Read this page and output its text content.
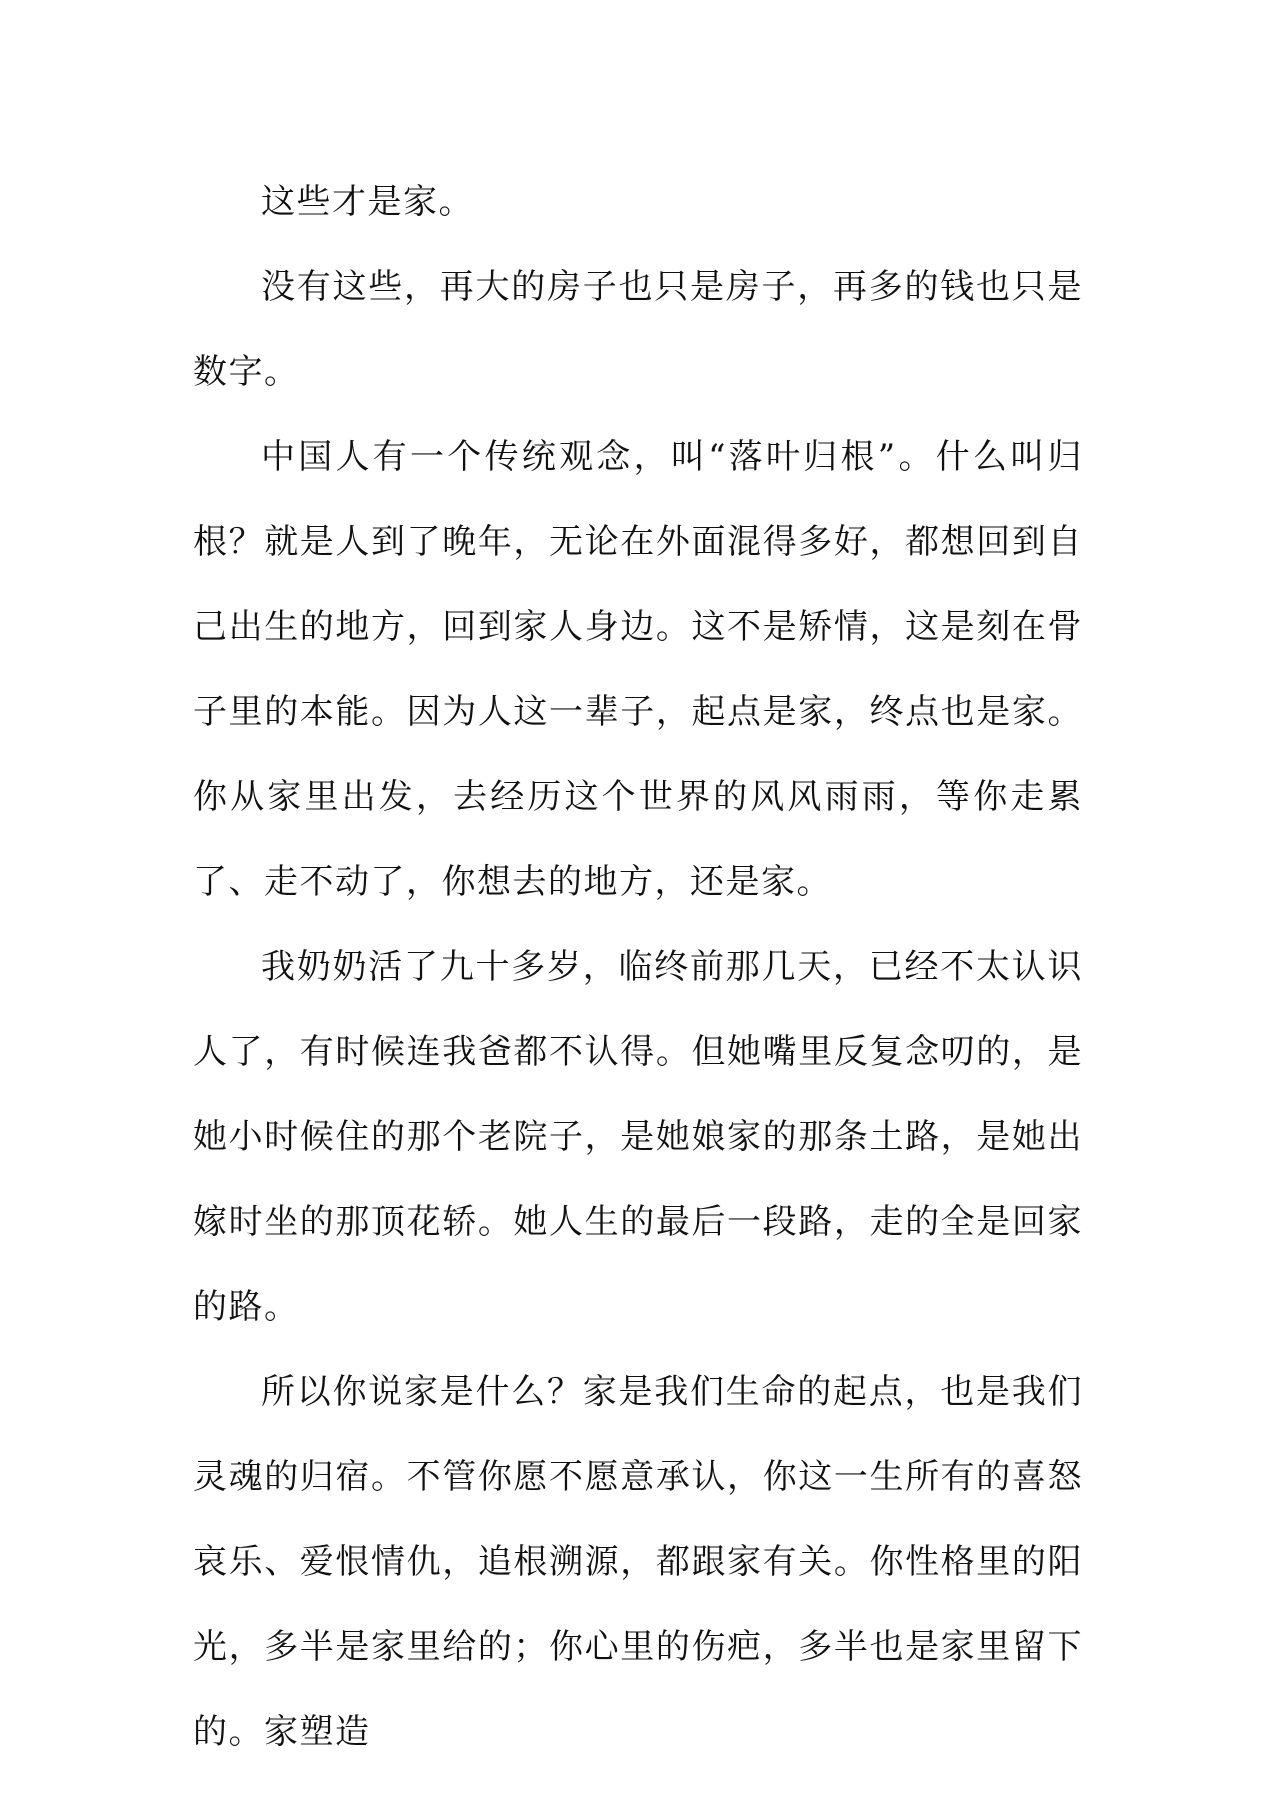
这些才是家。

没有这些，再大的房子也只是房子，再多的钱也只是数字。

中国人有一个传统观念，叫“落叶归根”。什么叫归根？就是人到了晚年，无论在外面混得多好，都想回到自己出生的地方，回到家人身边。这不是矫情，这是刻在骨子里的本能。因为人这一辈子，起点是家，终点也是家。你从家里出发，去经历这个世界的风风雨雨，等你走累了、走不动了，你想去的地方，还是家。

我奶奶活了九十多岁，临终前那几天，已经不太认识人了，有时候连我爸都不认得。但她嘴里反复念叨的，是她小时候住的那个老院子，是她娘家的那条土路，是她出嫁时坐的那顶花轿。她人生的最后一段路，走的全是回家的路。

所以你说家是什么？家是我们生命的起点，也是我们灵魂的归宿。不管你愿不愿意承认，你这一生所有的喜怒哀乐、爱恨情仇，追根溯源，都跟家有关。你性格里的阳光，多半是家里给的；你心里的伤疤，多半也是家里留下的。家塑造
